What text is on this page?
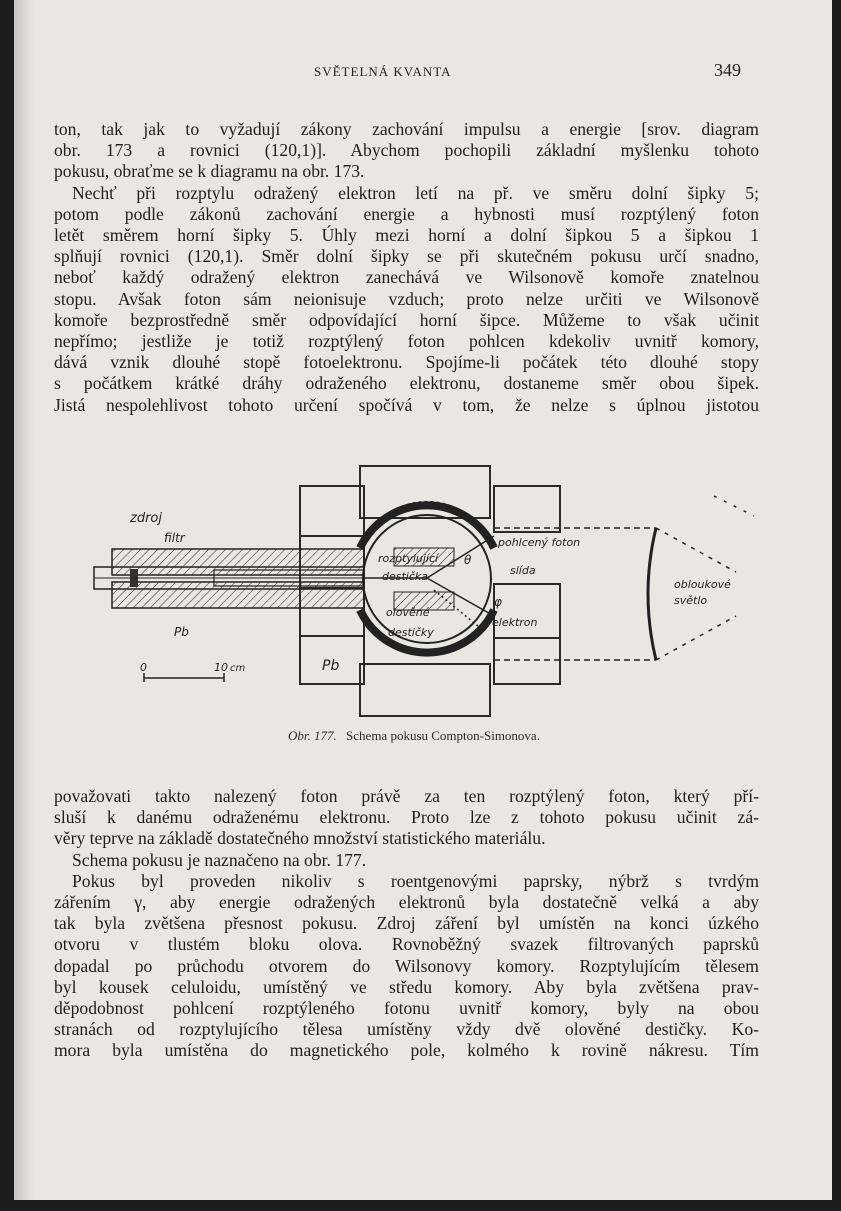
SVĚTELNÁ KVANTA	349
ton, tak jak to vyžadují zákony zachování impulsu a energie [srov. diagram
obr. 173 a rovnici (120,1)]. Abychom pochopili základní myšlenku tohoto
pokusu, obraťme se k diagramu na obr. 173.
Nechť při rozptylu odražený elektron letí na př. ve směru dolní šipky 5;
potom podle zákonů zachování energie a hybnosti musí rozptýlený foton
letět směrem horní šipky 5. Úhly mezi horní a dolní šipkou 5 a šipkou 1
splňují rovnici (120,1). Směr dolní šipky se při skutečném pokusu určí snadno,
neboť každý odražený elektron zanechává ve Wilsonově komoře znatelnou
stopu. Avšak foton sám neionisuje vzduch; proto nelze určiti ve Wilsonově
komoře bezprostředně směr odpovídající horní šipce. Můžeme to však učinit
nepřímo; jestliže je totiž rozptýlený foton pohlcen kdekoliv uvnitř komory,
dává vznik dlouhé stopě fotoelektronu. Spojíme-li počátek této dlouhé stopy
s počátkem krátké dráhy odraženého elektronu, dostaneme směr obou šipek.
Jistá nespolehlivost tohoto určení spočívá v tom, že nelze s úplnou jistotou
zdroj
filtr
Pb
0	10 cm	Pb
rozptylující
destička
θ
olověné
destičky
pohlcený foton
slída
φ
elektron
obloukové
světlo
Obr. 177. Schema pokusu Compton-Simonova.
považovati takto nalezený foton právě za ten rozptýlený foton, který pří-
sluší k danému odraženému elektronu. Proto lze z tohoto pokusu učinit zá-
věry teprve na základě dostatečného množství statistického materiálu.
Schema pokusu je naznačeno na obr. 177.
Pokus byl proveden nikoliv s roentgenovými paprsky, nýbrž s tvrdým
zářením γ, aby energie odražených elektronů byla dostatečně velká a aby
tak byla zvětšena přesnost pokusu. Zdroj záření byl umístěn na konci úzkého
otvoru v tlustém bloku olova. Rovnoběžný svazek filtrovaných paprsků
dopadal po průchodu otvorem do Wilsonovy komory. Rozptylujícím tělesem
byl kousek celuloidu, umístěný ve středu komory. Aby byla zvětšena prav-
děpodobnost pohlcení rozptýleného fotonu uvnitř komory, byly na obou
stranách od rozptylujícího tělesa umístěny vždy dvě olověné destičky. Ko-
mora byla umístěna do magnetického pole, kolmého k rovině nákresu. Tím
